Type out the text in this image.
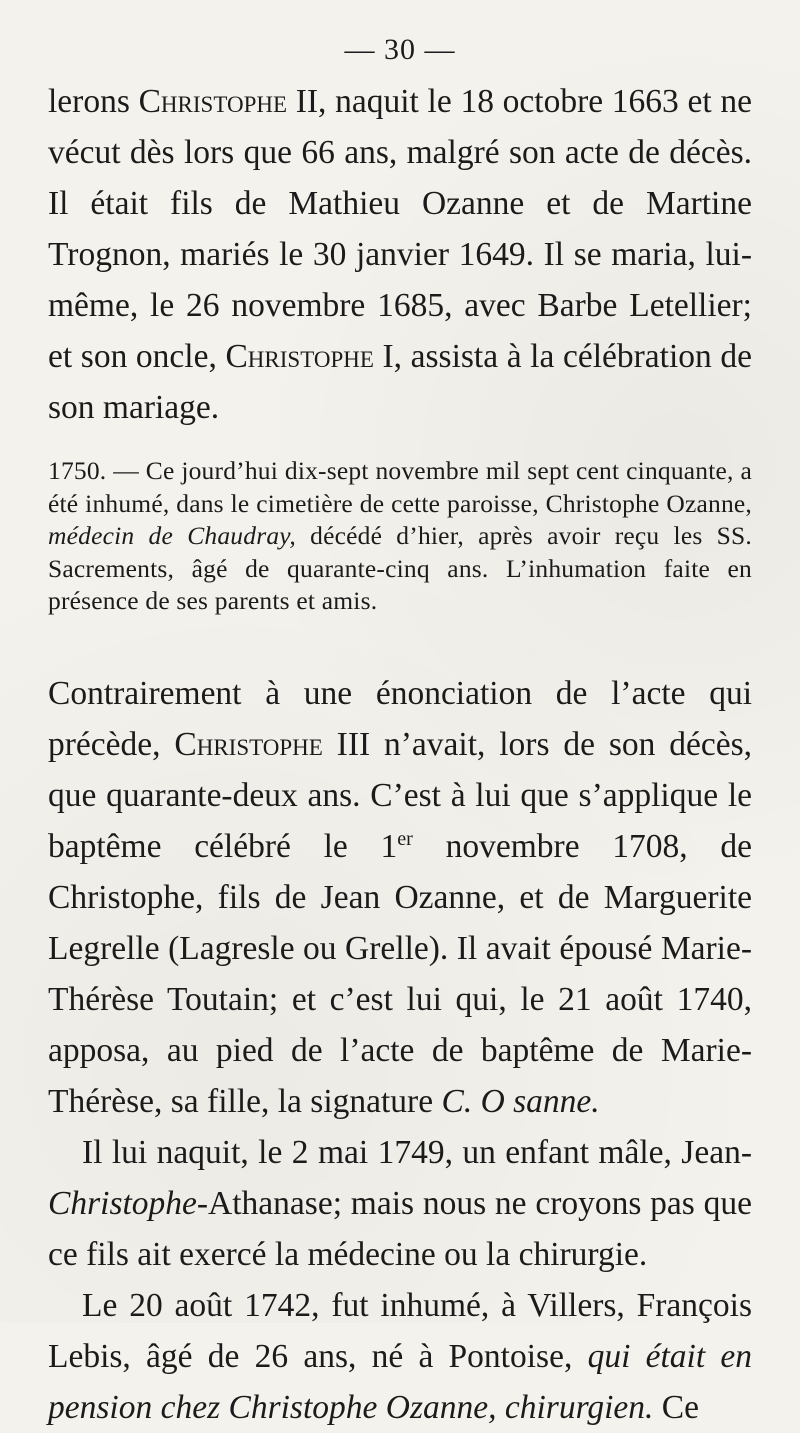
— 30 —

lerons Christophe II, naquit le 18 octobre 1663 et ne vécut dès lors que 66 ans, malgré son acte de décès. Il était fils de Mathieu Ozanne et de Martine Trognon, mariés le 30 janvier 1649. Il se maria, lui-même, le 26 novembre 1685, avec Barbe Letellier; et son oncle, Christophe I, assista à la célébration de son mariage.

1750. — Ce jourd’hui dix-sept novembre mil sept cent cinquante, a été inhumé, dans le cimetière de cette paroisse, Christophe Ozanne, médecin de Chaudray, décédé d’hier, après avoir reçu les SS. Sacrements, âgé de quarante-cinq ans. L’inhumation faite en présence de ses parents et amis.

Contrairement à une énonciation de l’acte qui précède, Christophe III n’avait, lors de son décès, que quarante-deux ans. C’est à lui que s’applique le baptême célébré le 1er novembre 1708, de Christophe, fils de Jean Ozanne, et de Marguerite Legrelle (Lagresle ou Grelle). Il avait épousé Marie-Thérèse Toutain; et c’est lui qui, le 21 août 1740, apposa, au pied de l’acte de baptême de Marie-Thérèse, sa fille, la signature C. O sanne.

Il lui naquit, le 2 mai 1749, un enfant mâle, Jean-Christophe-Athanase; mais nous ne croyons pas que ce fils ait exercé la médecine ou la chirurgie.

Le 20 août 1742, fut inhumé, à Villers, François Lebis, âgé de 26 ans, né à Pontoise, qui était en pension chez Christophe Ozanne, chirurgien. Ce
